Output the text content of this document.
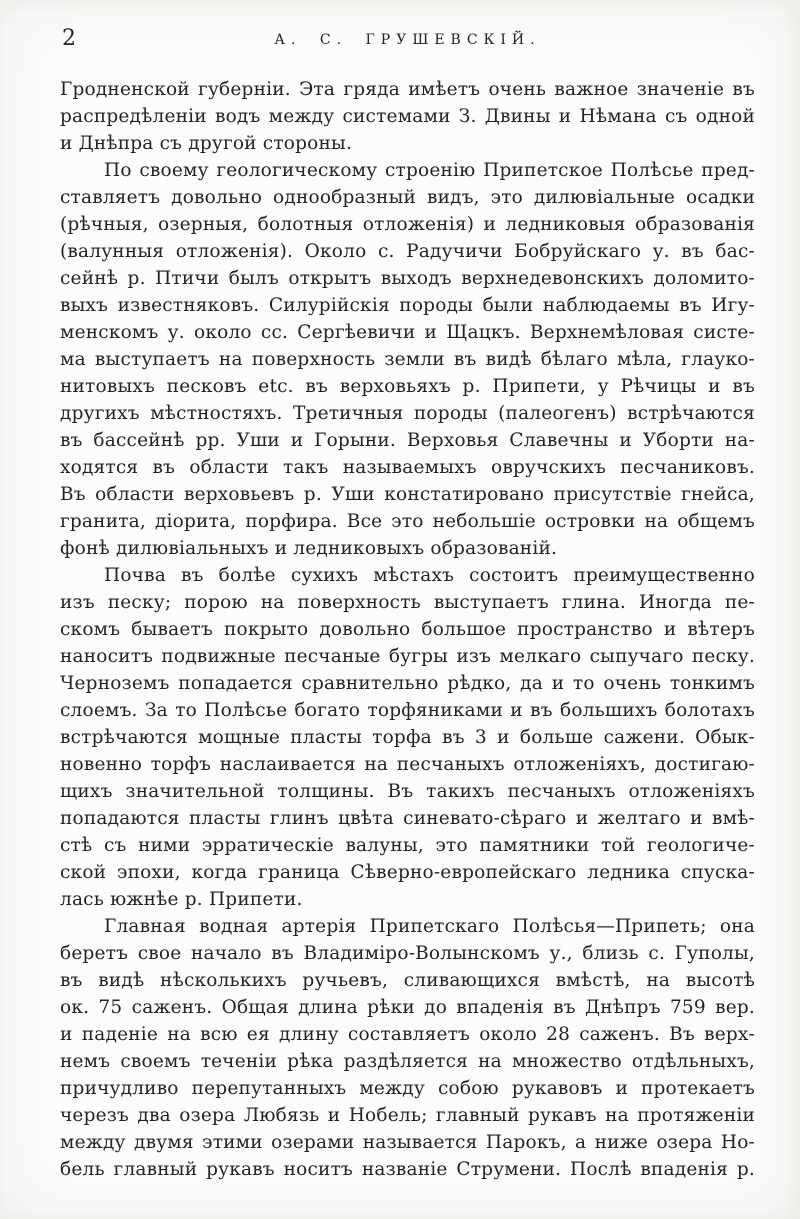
2	А. С. ГРУШЕВСКІЙ.
Гродненской губерніи. Эта гряда имѣетъ очень важное значеніе въ
распредѣленіи водъ между системами З. Двины и Нѣмана съ одной
и Днѣпра съ другой стороны.
По своему геологическому строенію Припетское Полѣсье пред-
ставляетъ довольно однообразный видъ, это дилювіальные осадки
(рѣчныя, озерныя, болотныя отложенія) и ледниковыя образованія
(валунныя отложенія). Около с. Радучичи Бобруйскаго у. въ бас-
сейнѣ р. Птичи былъ открытъ выходъ верхнедевонскихъ доломито-
выхъ известняковъ. Силурійскія породы были наблюдаемы въ Игу-
менскомъ у. около сс. Сергѣевичи и Щацкъ. Верхнемѣловая систе-
ма выступаетъ на поверхность земли въ видѣ бѣлаго мѣла, глауко-
нитовыхъ песковъ etc. въ верховьяхъ р. Припети, у Рѣчицы и въ
другихъ мѣстностяхъ. Третичныя породы (палеогенъ) встрѣчаются
въ бассейнѣ рр. Уши и Горыни. Верховья Славечны и Уборти на-
ходятся въ области такъ называемыхъ овручскихъ песчаниковъ.
Въ области верховьевъ р. Уши констатировано присутствіе гнейса,
гранита, діорита, порфира. Все это небольшіе островки на общемъ
фонѣ дилювіальныхъ и ледниковыхъ образованій.
Почва въ болѣе сухихъ мѣстахъ состоитъ преимущественно
изъ песку; порою на поверхность выступаетъ глина. Иногда пе-
скомъ бываетъ покрыто довольно большое пространство и вѣтеръ
наноситъ подвижные песчаные бугры изъ мелкаго сыпучаго песку.
Черноземъ попадается сравнительно рѣдко, да и то очень тонкимъ
слоемъ. За то Полѣсье богато торфяниками и въ большихъ болотахъ
встрѣчаются мощные пласты торфа въ 3 и больше сажени. Обык-
новенно торфъ наслаивается на песчаныхъ отложеніяхъ, достигаю-
щихъ значительной толщины. Въ такихъ песчаныхъ отложеніяхъ
попадаются пласты глинъ цвѣта синевато-сѣраго и желтаго и вмѣ-
стѣ съ ними эрратическіе валуны, это памятники той геологиче-
ской эпохи, когда граница Сѣверно-европейскаго ледника спуска-
лась южнѣе р. Припети.
Главная водная артерія Припетскаго Полѣсья—Припеть; она
беретъ свое начало въ Владиміро-Волынскомъ у., близь с. Гуполы,
въ видѣ нѣсколькихъ ручьевъ, сливающихся вмѣстѣ, на высотѣ
ок. 75 саженъ. Общая длина рѣки до впаденія въ Днѣпръ 759 вер.
и паденіе на всю ея длину составляетъ около 28 саженъ. Въ верх-
немъ своемъ теченіи рѣка раздѣляется на множество отдѣльныхъ,
причудливо перепутанныхъ между собою рукавовъ и протекаетъ
черезъ два озера Любязь и Нобель; главный рукавъ на протяженіи
между двумя этими озерами называется Парокъ, а ниже озера Но-
бель главный рукавъ носитъ названіе Струмени. Послѣ впаденія р.
